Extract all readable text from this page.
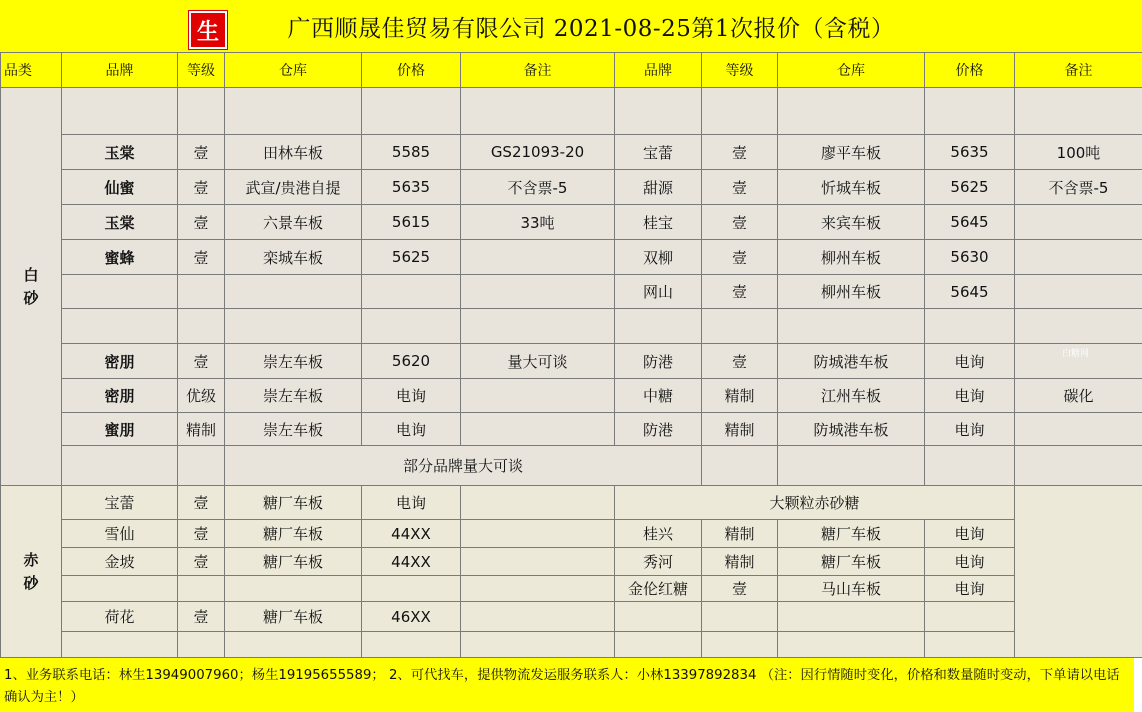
生	广西顺晟佳贸易有限公司 2021-08-25第1次报价（含税）
品类	品牌	等级	仓库	价格	备注	品牌	等级	仓库	价格	备注
白
砂										
	玉棠	壹	田林车板	5585	GS21093-20	宝蕾	壹	廖平车板	5635	100吨
	仙蜜	壹	武宣/贵港自提	5635	不含票-5	甜源	壹	忻城车板	5625	不含票-5
	玉棠	壹	六景车板	5615	33吨	桂宝	壹	来宾车板	5645	
	蜜蜂	壹	栾城车板	5625		双柳	壹	柳州车板	5630	
						网山	壹	柳州车板	5645	

	密朋	壹	崇左车板	5620	量大可谈	防港	壹	防城港车板	电询	
	密朋	优级	崇左车板	电询		中糖	精制	江州车板	电询	碳化
	蜜朋	精制	崇左车板	电询		防港	精制	防城港车板	电询	
			部分品牌量大可谈							
赤
砂	宝蕾	壹	糖厂车板	电询		大颗粒赤砂糖				
	雪仙	壹	糖厂车板	44XX		桂兴	精制	糖厂车板	电询	
	金坡	壹	糖厂车板	44XX		秀河	精制	糖厂车板	电询	
						金伦红糖	壹	马山车板	电询	
	荷花	壹	糖厂车板	46XX						

白糖网
1、业务联系电话：林生13949007960；杨生19195655589； 2、可代找车，提供物流发运服务联系人：小林13397892834 （注：因行情随时变化，价格和数量随时变动，下单请以电话确认为主！）
